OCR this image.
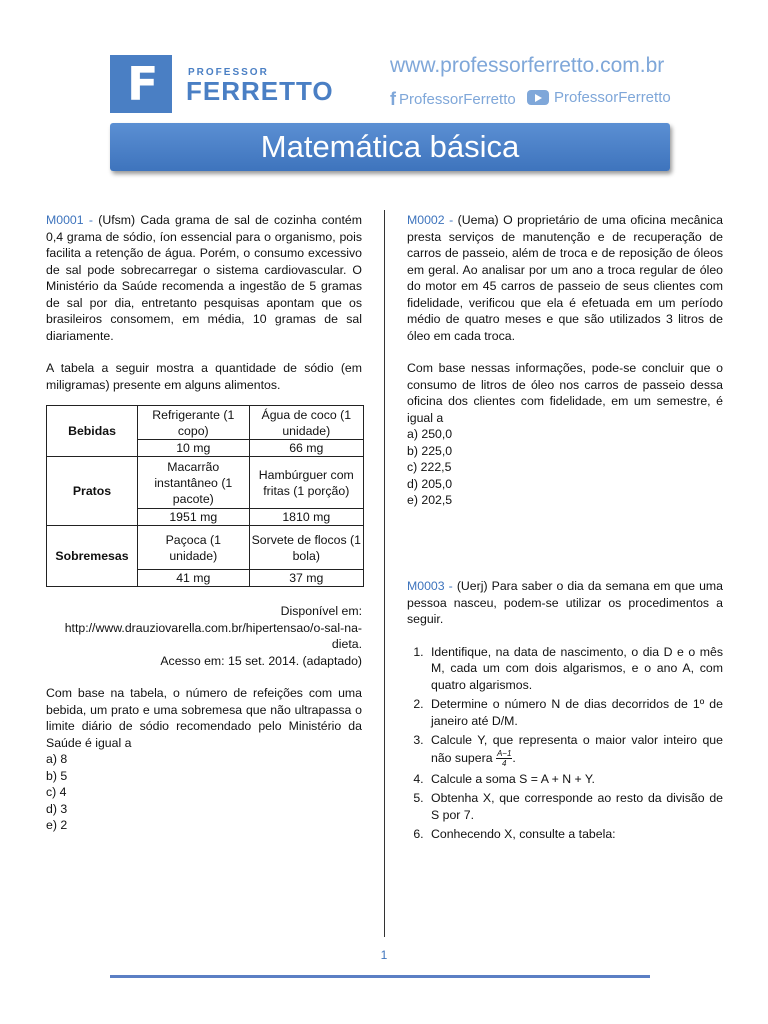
F	PROFESSOR
FERRETTO
www.professorferretto.com.br
f ProfessorFerretto	ProfessorFerretto
Matemática básica

M0001 - (Ufsm) Cada grama de sal de cozinha contém 0,4 grama de sódio, íon essencial para o organismo, pois facilita a retenção de água. Porém, o consumo excessivo de sal pode sobrecarregar o sistema cardiovascular. O Ministério da Saúde recomenda a ingestão de 5 gramas de sal por dia, entretanto pesquisas apontam que os brasileiros consomem, em média, 10 gramas de sal diariamente.

A tabela a seguir mostra a quantidade de sódio (em miligramas) presente em alguns alimentos.

Bebidas	Refrigerante (1 copo)	Água de coco (1 unidade)
	10 mg	66 mg
Pratos	Macarrão instantâneo (1 pacote)	Hambúrguer com fritas (1 porção)
	1951 mg	1810 mg
Sobremesas	Paçoca (1 unidade)	Sorvete de flocos (1 bola)
	41 mg	37 mg

Disponível em:

http://www.drauziovarella.com.br/hipertensao/o-sal-na-dieta.

Acesso em: 15 set. 2014. (adaptado)

Com base na tabela, o número de refeições com uma bebida, um prato e uma sobremesa que não ultrapassa o limite diário de sódio recomendado pelo Ministério da Saúde é igual a

a) 8
b) 5
c) 4
d) 3
e) 2

M0002 - (Uema) O proprietário de uma oficina mecânica presta serviços de manutenção e de recuperação de carros de passeio, além de troca e de reposição de óleos em geral. Ao analisar por um ano a troca regular de óleo do motor em 45 carros de passeio de seus clientes com fidelidade, verificou que ela é efetuada em um período médio de quatro meses e que são utilizados 3 litros de óleo em cada troca.

Com base nessas informações, pode-se concluir que o consumo de litros de óleo nos carros de passeio dessa oficina dos clientes com fidelidade, em um semestre, é igual a

a) 250,0
b) 225,0
c) 222,5
d) 205,0
e) 202,5

M0003 - (Uerj) Para saber o dia da semana em que uma pessoa nasceu, podem-se utilizar os procedimentos a seguir.

1. Identifique, na data de nascimento, o dia D e o mês M, cada um com dois algarismos, e o ano A, com quatro algarismos.
2. Determine o número N de dias decorridos de 1º de janeiro até D/M.
3. Calcule Y, que representa o maior valor inteiro que não supera $\frac{A-1}{4}$ .
4. Calcule a soma S = A + N + Y.
5. Obtenha X, que corresponde ao resto da divisão de S por 7.
6. Conhecendo X, consulte a tabela:
1
